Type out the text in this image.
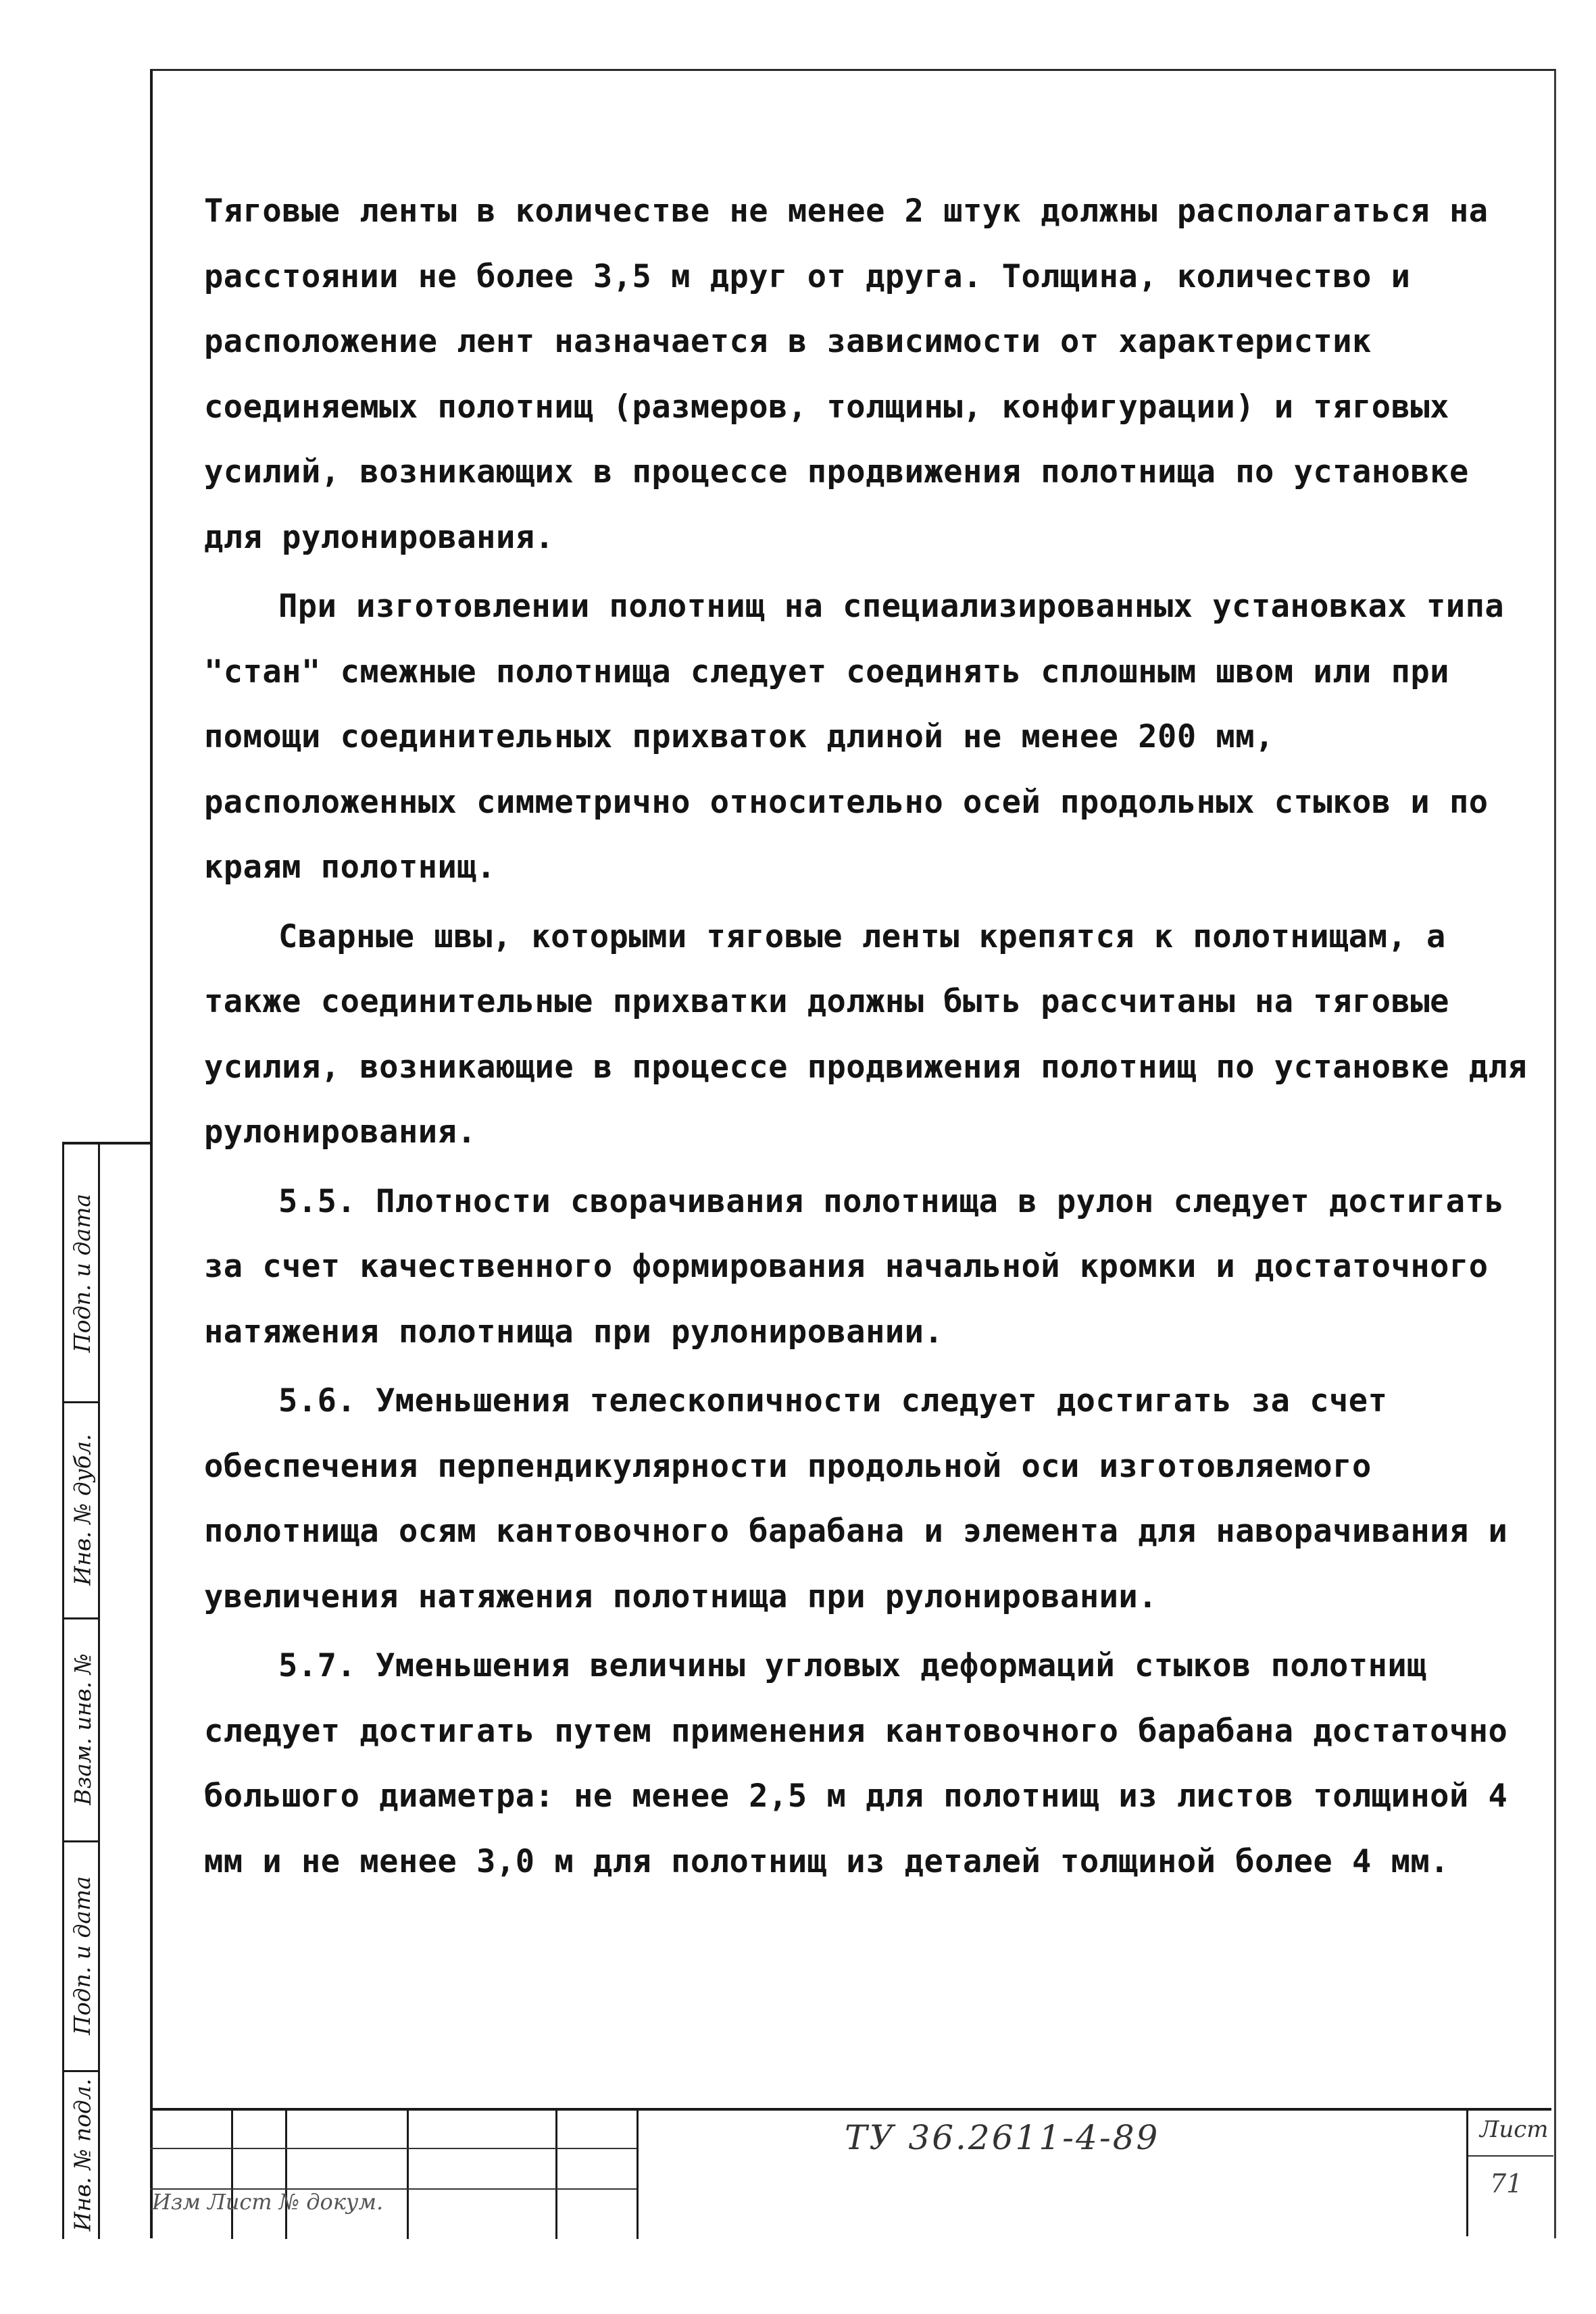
Тяговые ленты в количестве не менее 2 штук должны располагаться на расстоянии не более 3,5 м друг от друга. Толщина, количество и расположение лент назначается в зависимости от характеристик соединяемых полотнищ (размеров, толщины, конфигурации) и тяговых усилий, возникающих в процессе продвижения полотнища по установке для рулонирования.

При изготовлении полотнищ на специализированных установках типа "стан" смежные полотнища следует соединять сплошным швом или при помощи соединительных прихваток длиной не менее 200 мм, расположенных симметрично относительно осей продольных стыков и по краям полотнищ.

Сварные швы, которыми тяговые ленты крепятся к полотнищам, а также соединительные прихватки должны быть рассчитаны на тяговые усилия, возникающие в процессе продвижения полотнищ по установке для рулонирования.

5.5. Плотности сворачивания полотнища в рулон следует достигать за счет качественного формирования начальной кромки и достаточного натяжения полотнища при рулонировании.

5.6. Уменьшения телескопичности следует достигать за счет обеспечения перпендикулярности продольной оси изготовляемого полотнища осям кантовочного барабана и элемента для наворачивания и увеличения натяжения полотнища при рулонировании.

5.7. Уменьшения величины угловых деформаций стыков полотнищ следует достигать путем применения кантовочного барабана достаточно большого диаметра: не менее 2,5 м для полотнищ из листов толщиной 4 мм и не менее 3,0 м для полотнищ из деталей толщиной более 4 мм.

Подп. и дата
Инв. № дубл.
Взам. инв. №
Подп. и дата
Инв. № подл.	Изм Лист № докум.
ТУ 36.2611-4-89	Лист
71
